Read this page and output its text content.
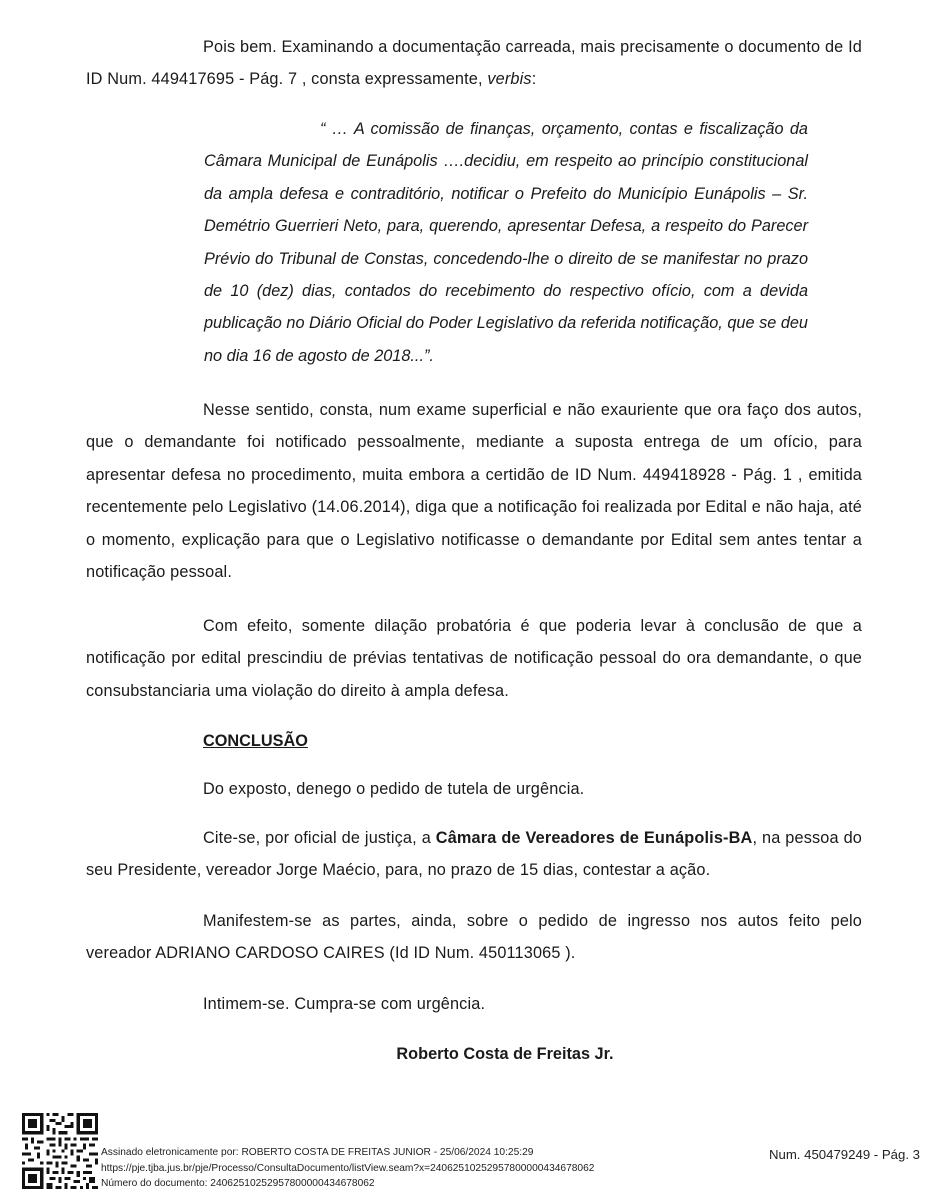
Pois bem. Examinando a documentação carreada, mais precisamente o documento de Id ID Num. 449417695 - Pág. 7 , consta expressamente, verbis:

“ … A comissão de finanças, orçamento, contas e fiscalização da Câmara Municipal de Eunápolis ….decidiu, em respeito ao princípio constitucional da ampla defesa e contraditório, notificar o Prefeito do Município Eunápolis – Sr. Demétrio Guerrieri Neto, para, querendo, apresentar Defesa, a respeito do Parecer Prévio do Tribunal de Constas, concedendo-lhe o direito de se manifestar no prazo de 10 (dez) dias, contados do recebimento do respectivo ofício, com a devida publicação no Diário Oficial do Poder Legislativo da referida notificação, que se deu no dia 16 de agosto de 2018...”.

Nesse sentido, consta, num exame superficial e não exauriente que ora faço dos autos, que o demandante foi notificado pessoalmente, mediante a suposta entrega de um ofício, para apresentar defesa no procedimento, muita embora a certidão de ID Num. 449418928 - Pág. 1 , emitida recentemente pelo Legislativo (14.06.2014), diga que a notificação foi realizada por Edital e não haja, até o momento, explicação para que o Legislativo notificasse o demandante por Edital sem antes tentar a notificação pessoal.

Com efeito, somente dilação probatória é que poderia levar à conclusão de que a notificação por edital prescindiu de prévias tentativas de notificação pessoal do ora demandante, o que consubstanciaria uma violação do direito à ampla defesa.

CONCLUSÃO

Do exposto, denego o pedido de tutela de urgência.

Cite-se, por oficial de justiça, a Câmara de Vereadores de Eunápolis-BA, na pessoa do seu Presidente, vereador Jorge Maécio, para, no prazo de 15 dias, contestar a ação.

Manifestem-se as partes, ainda, sobre o pedido de ingresso nos autos feito pelo vereador ADRIANO CARDOSO CAIRES (Id ID Num. 450113065 ).

Intimem-se. Cumpra-se com urgência.

Roberto Costa de Freitas Jr.

Assinado eletronicamente por: ROBERTO COSTA DE FREITAS JUNIOR - 25/06/2024 10:25:29
https://pje.tjba.jus.br/pje/Processo/ConsultaDocumento/listView.seam?x=24062510252957800000434678062
Número do documento: 24062510252957800000434678062
Num. 450479249 - Pág. 3
